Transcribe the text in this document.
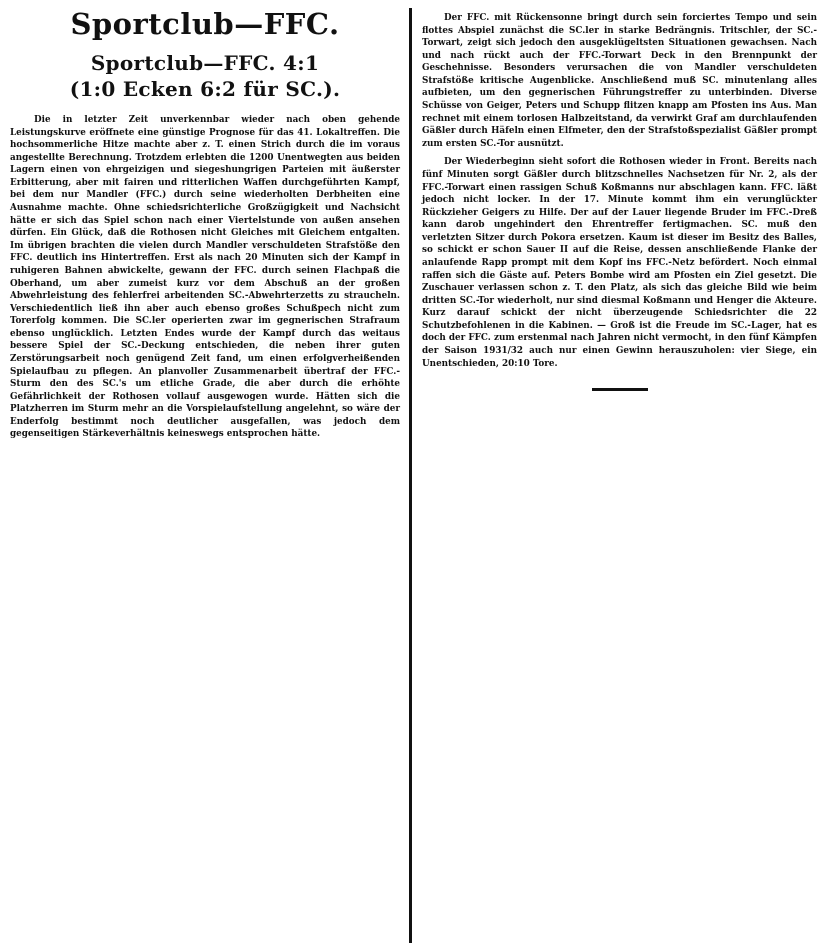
Sportclub—FFC.
Sportclub—FFC. 4:1
(1:0 Ecken 6:2 für SC.).

Die in letzter Zeit unverkennbar wieder nach oben gehende Leistungskurve eröffnete eine günstige Prognose für das 41. Lokaltreffen. Die hochsommerliche Hitze machte aber z. T. einen Strich durch die im voraus angestellte Berechnung. Trotzdem erlebten die 1200 Unentwegten aus beiden Lagern einen von ehrgeizigen und siegeshungrigen Parteien mit äußerster Erbitterung, aber mit fairen und ritterlichen Waffen durchgeführten Kampf, bei dem nur Mandler (FFC.) durch seine wiederholten Derbheiten eine Ausnahme machte. Ohne schiedsrichterliche Großzügigkeit und Nachsicht hätte er sich das Spiel schon nach einer Viertelstunde von außen ansehen dürfen. Ein Glück, daß die Rothosen nicht Gleiches mit Gleichem entgalten. Im übrigen brachten die vielen durch Mandler verschuldeten Strafstöße den FFC. deutlich ins Hintertreffen. Erst als nach 20 Minuten sich der Kampf in ruhigeren Bahnen abwickelte, gewann der FFC. durch seinen Flachpaß die Oberhand, um aber zumeist kurz vor dem Abschuß an der großen Abwehrleistung des fehlerfrei arbeitenden SC.-Abwehrterzetts zu straucheln. Verschiedentlich ließ ihn aber auch ebenso großes Schußpech nicht zum Torerfolg kommen. Die SC.ler operierten zwar im gegnerischen Strafraum ebenso unglücklich. Letzten Endes wurde der Kampf durch das weitaus bessere Spiel der SC.-Deckung entschieden, die neben ihrer guten Zerstörungsarbeit noch genügend Zeit fand, um einen erfolgverheißenden Spielaufbau zu pflegen. An planvoller Zusammenarbeit übertraf der FFC.-Sturm den des SC.'s um etliche Grade, die aber durch die erhöhte Gefährlichkeit der Rothosen vollauf ausgewogen wurde. Hätten sich die Platzherren im Sturm mehr an die Vorspielaufstellung angelehnt, so wäre der Enderfolg bestimmt noch deutlicher ausgefallen, was jedoch dem gegenseitigen Stärkeverhältnis keineswegs entsprochen hätte.

Der FFC. mit Rückensonne bringt durch sein forciertes Tempo und sein flottes Abspiel zunächst die SC.ler in starke Bedrängnis. Tritschler, der SC.-Torwart, zeigt sich jedoch den ausgeklügeltsten Situationen gewachsen. Nach und nach rückt auch der FFC.-Torwart Deck in den Brennpunkt der Geschehnisse. Besonders verursachen die von Mandler verschuldeten Strafstöße kritische Augenblicke. Anschließend muß SC. minutenlang alles aufbieten, um den gegnerischen Führungstreffer zu unterbinden. Diverse Schüsse von Geiger, Peters und Schupp flitzen knapp am Pfosten ins Aus. Man rechnet mit einem torlosen Halbzeitstand, da verwirkt Graf am durchlaufenden Gäßler durch Häfeln einen Elfmeter, den der Strafstoßspezialist Gäßler prompt zum ersten SC.-Tor ausnützt.

Der Wiederbeginn sieht sofort die Rothosen wieder in Front. Bereits nach fünf Minuten sorgt Gäßler durch blitzschnelles Nachsetzen für Nr. 2, als der FFC.-Torwart einen rassigen Schuß Koßmanns nur abschlagen kann. FFC. läßt jedoch nicht locker. In der 17. Minute kommt ihm ein verunglückter Rückzieher Geigers zu Hilfe. Der auf der Lauer liegende Bruder im FFC.-Dreß kann darob ungehindert den Ehrentreffer fertigmachen. SC. muß den verletzten Sitzer durch Pokora ersetzen. Kaum ist dieser im Besitz des Balles, so schickt er schon Sauer II auf die Reise, dessen anschließende Flanke der anlaufende Rapp prompt mit dem Kopf ins FFC.-Netz befördert. Noch einmal raffen sich die Gäste auf. Peters Bombe wird am Pfosten ein Ziel gesetzt. Die Zuschauer verlassen schon z. T. den Platz, als sich das gleiche Bild wie beim dritten SC.-Tor wiederholt, nur sind diesmal Koßmann und Henger die Akteure. Kurz darauf schickt der nicht überzeugende Schiedsrichter die 22 Schutzbefohlenen in die Kabinen. — Groß ist die Freude im SC.-Lager, hat es doch der FFC. zum erstenmal nach Jahren nicht vermocht, in den fünf Kämpfen der Saison 1931/32 auch nur einen Gewinn herauszuholen: vier Siege, ein Unentschieden, 20:10 Tore.
